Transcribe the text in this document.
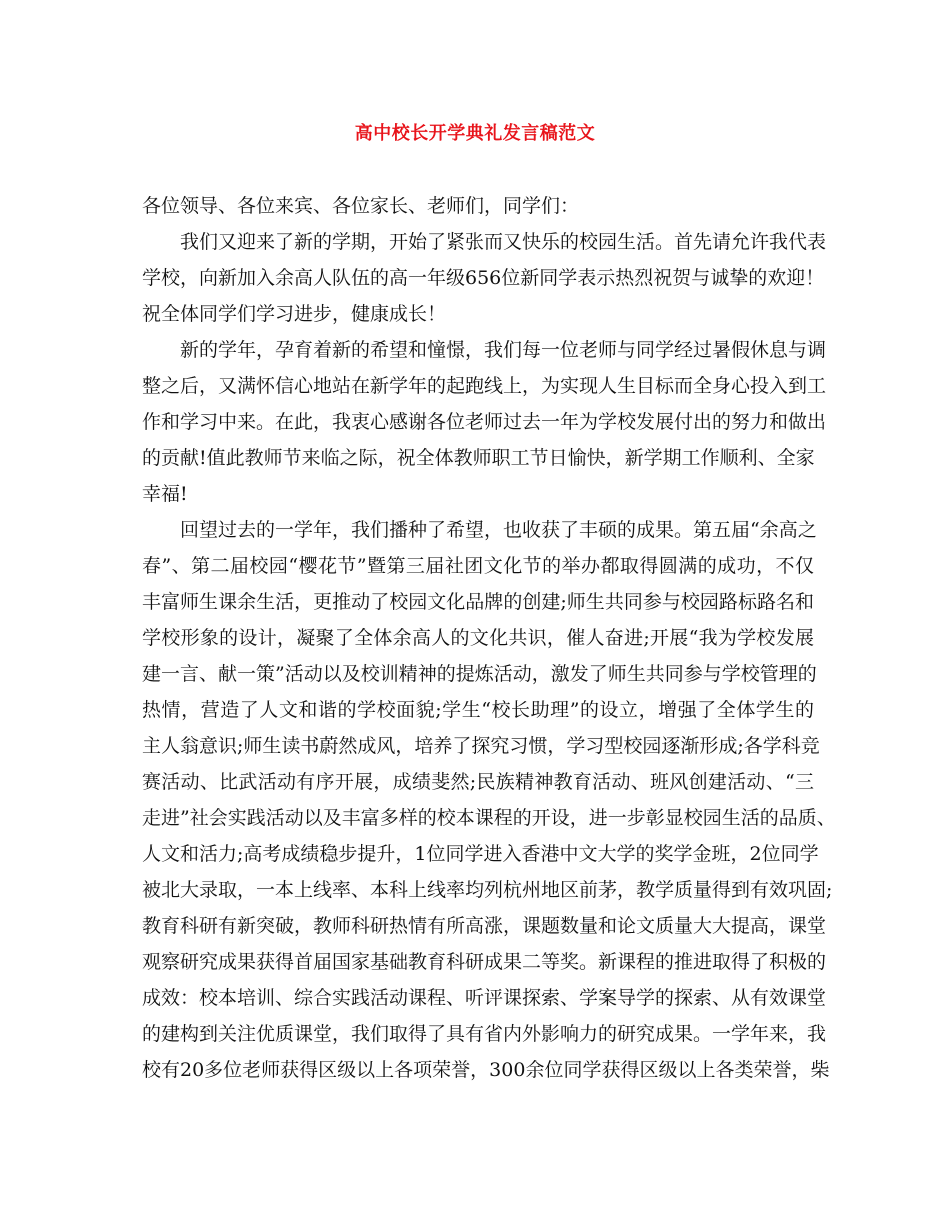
高中校长开学典礼发言稿范文
各位领导、各位来宾、各位家长、老师们，同学们：
我们又迎来了新的学期，开始了紧张而又快乐的校园生活。首先请允许我代表
学校，向新加入余高人队伍的高一年级656位新同学表示热烈祝贺与诚挚的欢迎！
祝全体同学们学习进步，健康成长！
新的学年，孕育着新的希望和憧憬，我们每一位老师与同学经过暑假休息与调
整之后，又满怀信心地站在新学年的起跑线上，为实现人生目标而全身心投入到工
作和学习中来。在此，我衷心感谢各位老师过去一年为学校发展付出的努力和做出
的贡献!值此教师节来临之际，祝全体教师职工节日愉快，新学期工作顺利、全家
幸福!
回望过去的一学年，我们播种了希望，也收获了丰硕的成果。第五届“余高之
春”、第二届校园“樱花节”暨第三届社团文化节的举办都取得圆满的成功，不仅
丰富师生课余生活，更推动了校园文化品牌的创建;师生共同参与校园路标路名和
学校形象的设计，凝聚了全体余高人的文化共识，催人奋进;开展“我为学校发展
建一言、献一策”活动以及校训精神的提炼活动，激发了师生共同参与学校管理的
热情，营造了人文和谐的学校面貌;学生“校长助理”的设立，增强了全体学生的
主人翁意识;师生读书蔚然成风，培养了探究习惯，学习型校园逐渐形成;各学科竞
赛活动、比武活动有序开展，成绩斐然;民族精神教育活动、班风创建活动、“三
走进”社会实践活动以及丰富多样的校本课程的开设，进一步彰显校园生活的品质、
人文和活力;高考成绩稳步提升，1位同学进入香港中文大学的奖学金班，2位同学
被北大录取，一本上线率、本科上线率均列杭州地区前茅，教学质量得到有效巩固;
教育科研有新突破，教师科研热情有所高涨，课题数量和论文质量大大提高，课堂
观察研究成果获得首届国家基础教育科研成果二等奖。新课程的推进取得了积极的
成效：校本培训、综合实践活动课程、听评课探索、学案导学的探索、从有效课堂
的建构到关注优质课堂，我们取得了具有省内外影响力的研究成果。一学年来，我
校有20多位老师获得区级以上各项荣誉，300余位同学获得区级以上各类荣誉，柴
